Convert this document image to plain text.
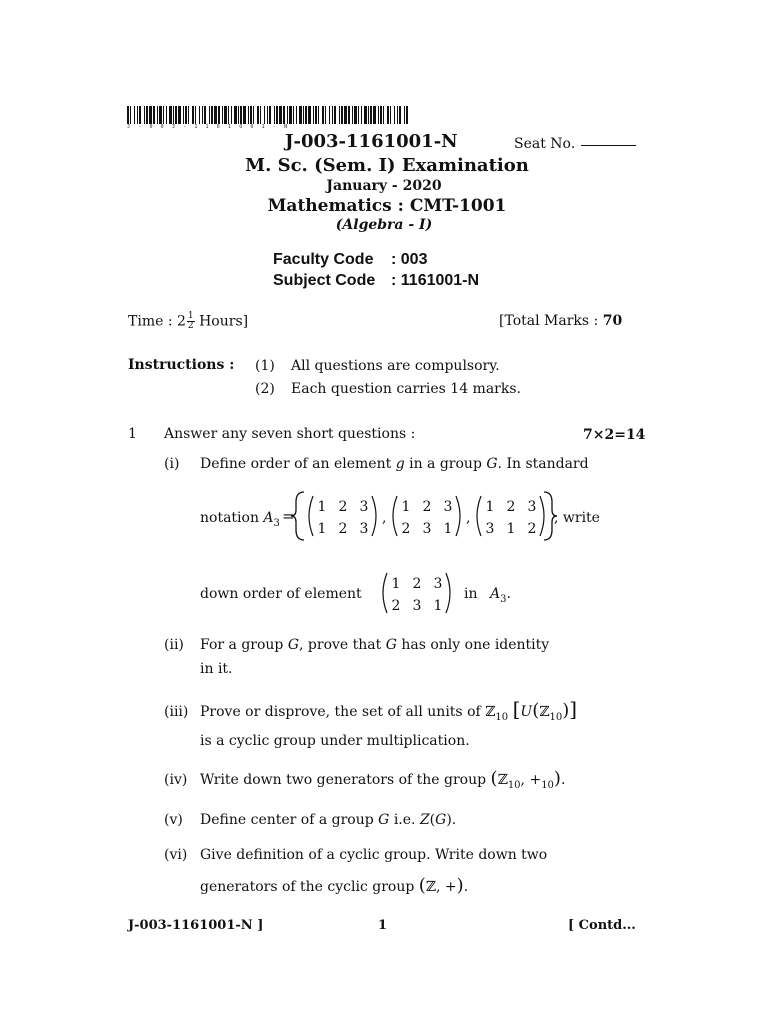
J - 0 0 3 - 1 1 6 1 0 0 1 - N
J-003-1161001-N	Seat No.
M. Sc. (Sem. I) Examination
January - 2020
Mathematics : CMT-1001
(Algebra - I)
Faculty Code : 003
Subject Code : 1161001-N
Time : $2 \frac{1}{2}$ Hours]	[Total Marks : 70
Instructions : (1) All questions are compulsory.
(2) Each question carries 14 marks.
1 Answer any seven short questions :	7×2=14
(i) Define order of an element g in a group G. In standard
notation $A_3 = 1$ 2 3
1 2 3
,
1 2 3
2 3 1
,
1 2 3
3 1 2
, write
down order of element
1 2 3
2 3 1
in $A_3$.
(ii) For a group G, prove that G has only one identity
in it.
(iii) Prove or disprove, the set of all units of ℤ$_{10}$ [U(ℤ$_{10}$)]
is a cyclic group under multiplication.
(iv) Write down two generators of the group (ℤ$_{10}$, $+_{10}$).
(v) Define center of a group G i.e. Z(G).
(vi) Give definition of a cyclic group. Write down two
generators of the cyclic group (ℤ, +).
J-003-1161001-N ]	1	[ Contd...
